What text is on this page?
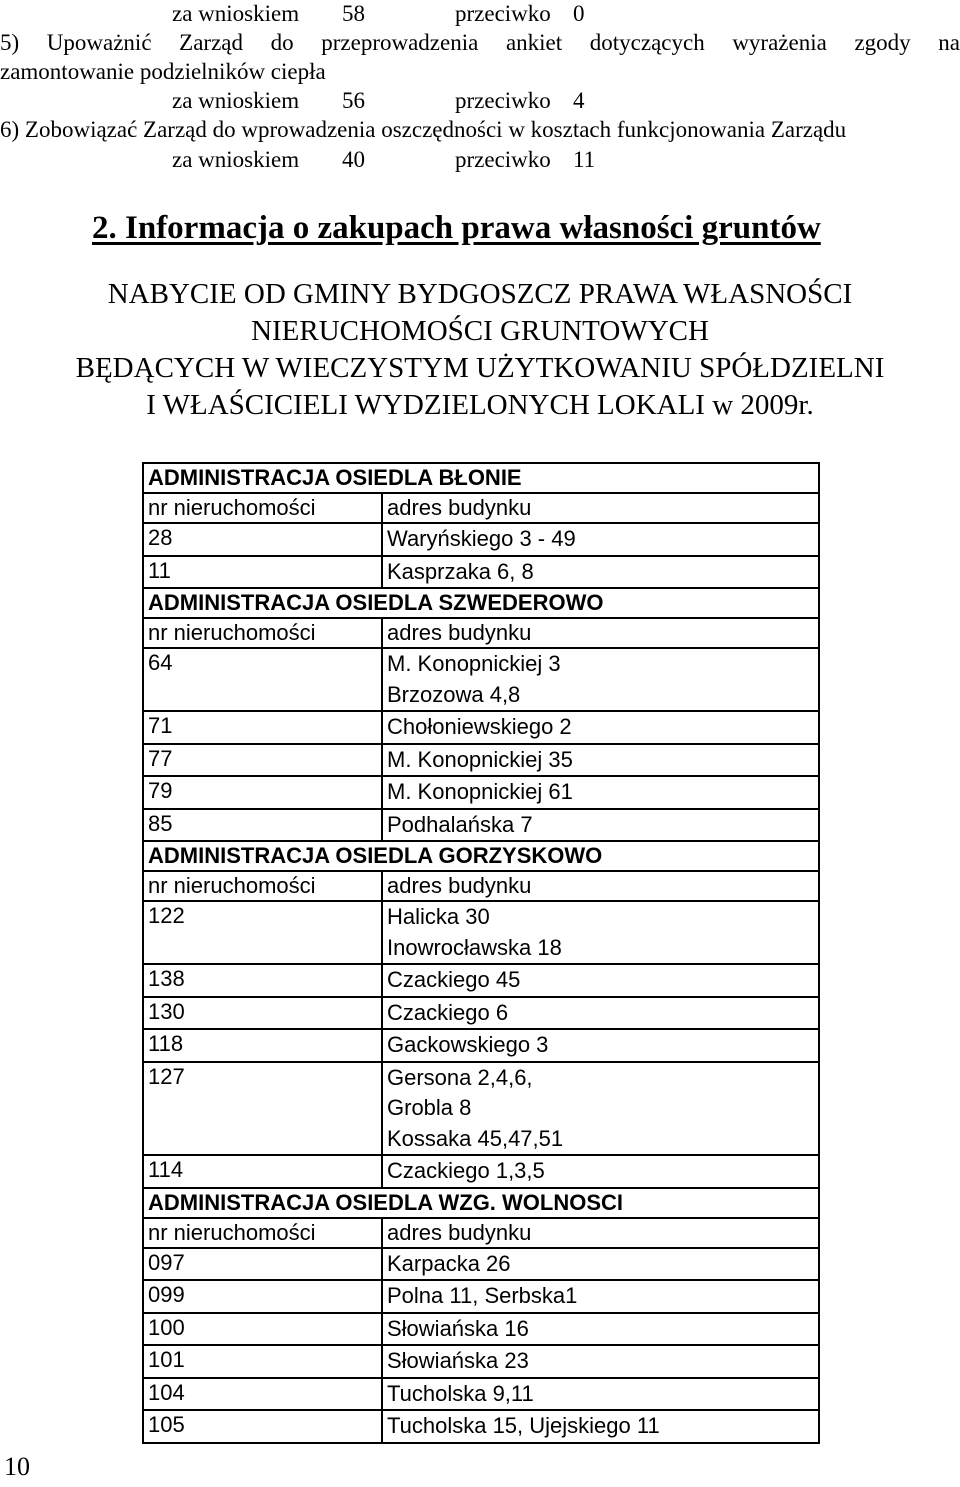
za wnioskiem 58	przeciwko 0
5) Upoważnić Zarząd do przeprowadzenia ankiet dotyczących wyrażenia zgody na
zamontowanie podzielników ciepła
za wnioskiem 56	przeciwko 4
6) Zobowiązać Zarząd do wprowadzenia oszczędności w kosztach funkcjonowania Zarządu
za wnioskiem 40	przeciwko 11
2. Informacja o zakupach prawa własności gruntów
NABYCIE OD GMINY BYDGOSZCZ PRAWA WŁASNOŚCI
NIERUCHOMOŚCI GRUNTOWYCH
BĘDĄCYCH W WIECZYSTYM UŻYTKOWANIU SPÓŁDZIELNI
I WŁAŚCICIELI WYDZIELONYCH LOKALI w 2009r.
ADMINISTRACJA OSIEDLA BŁONIE	
nr nieruchomości	adres budynku
28	Waryńskiego 3 - 49

11	Kasprzaka 6, 8

ADMINISTRACJA OSIEDLA SZWEDEROWO	
nr nieruchomości	adres budynku
64	M. Konopnickiej 3
Brzozowa 4,8

71	Chołoniewskiego 2

77	M. Konopnickiej 35

79	M. Konopnickiej 61

85	Podhalańska 7

ADMINISTRACJA OSIEDLA GORZYSKOWO	
nr nieruchomości	adres budynku
122	Halicka 30
Inowrocławska 18

138	Czackiego 45

130	Czackiego 6

118	Gackowskiego 3

127	Gersona 2,4,6,
Grobla 8
Kossaka 45,47,51

114	Czackiego 1,3,5

ADMINISTRACJA OSIEDLA WZG. WOLNOSCI	
nr nieruchomości	adres budynku
097	Karpacka 26

099	Polna 11, Serbska1

100	Słowiańska 16

101	Słowiańska 23

104	Tucholska 9,11

105	Tucholska 15, Ujejskiego 11
10
